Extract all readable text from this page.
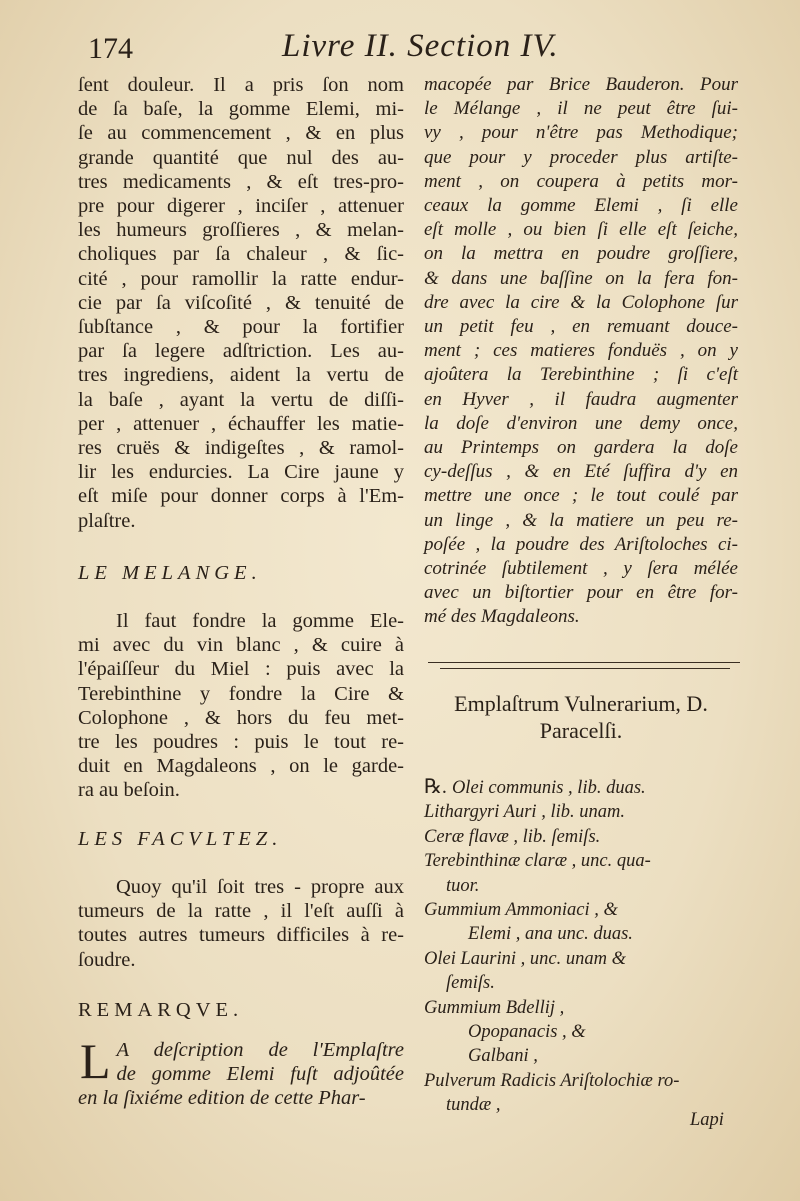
174	Livre II. Section IV.

ſent douleur. Il a pris ſon nom

de ſa baſe, la gomme Elemi, mi-

ſe au commencement , & en plus

grande quantité que nul des au-

tres medicaments , & eſt tres-pro-

pre pour digerer , inciſer , attenuer

les humeurs groſſieres , & melan-

choliques par ſa chaleur , & ſic-

cité , pour ramollir la ratte endur-

cie par ſa viſcoſité , & tenuité de

ſubſtance , & pour la fortifier

par ſa legere adſtriction. Les au-

tres ingrediens, aident la vertu de

la baſe , ayant la vertu de diſſi-

per , attenuer , échauffer les matie-

res cruës & indigeſtes , & ramol-

lir les endurcies. La Cire jaune y

eſt miſe pour donner corps à l'Em-

plaſtre.

LE MELANGE.

Il faut fondre la gomme Ele-

mi avec du vin blanc , & cuire à

l'épaiſſeur du Miel : puis avec la

Terebinthine y fondre la Cire &

Colophone , & hors du feu met-

tre les poudres : puis le tout re-

duit en Magdaleons , on le garde-

ra au beſoin.

LES FACVLTEZ.

Quoy qu'il ſoit tres - propre aux

tumeurs de la ratte , il l'eſt auſſi à

toutes autres tumeurs difficiles à re-

ſoudre.

REMARQVE.

L A deſcription de l'Emplaſtre

de gomme Elemi fuſt adjoûtée

en la ſixiéme edition de cette Phar-

macopée par Brice Bauderon. Pour

le Mélange , il ne peut être ſui-

vy , pour n'être pas Methodique;

que pour y proceder plus artiſte-

ment , on coupera à petits mor-

ceaux la gomme Elemi , ſi elle

eſt molle , ou bien ſi elle eſt ſeiche,

on la mettra en poudre groſſiere,

& dans une baſſine on la fera fon-

dre avec la cire & la Colophone ſur

un petit feu , en remuant douce-

ment ; ces matieres fonduës , on y

ajoûtera la Terebinthine ; ſi c'eſt

en Hyver , il faudra augmenter

la doſe d'environ une demy once,

au Printemps on gardera la doſe

cy-deſſus , & en Eté ſuffira d'y en

mettre une once ; le tout coulé par

un linge , & la matiere un peu re-

poſée , la poudre des Ariſtoloches ci-

cotrinée ſubtilement , y ſera mélée

avec un biſtortier pour en être for-

mé des Magdaleons.

Emplaſtrum Vulnerarium, D.
Paracelſi.
℞. Olei communis , lib. duas.
Lithargyri Auri , lib. unam.
Ceræ flavæ , lib. ſemiſs.
Terebinthinæ claræ , unc. qua-
tuor.
Gummium Ammoniaci , &
Elemi , ana unc. duas.
Olei Laurini , unc. unam &
ſemiſs.
Gummium Bdellij ,
Opopanacis , &
Galbani ,
Pulverum Radicis Ariſtolochiæ ro-
tundæ ,
Lapi
